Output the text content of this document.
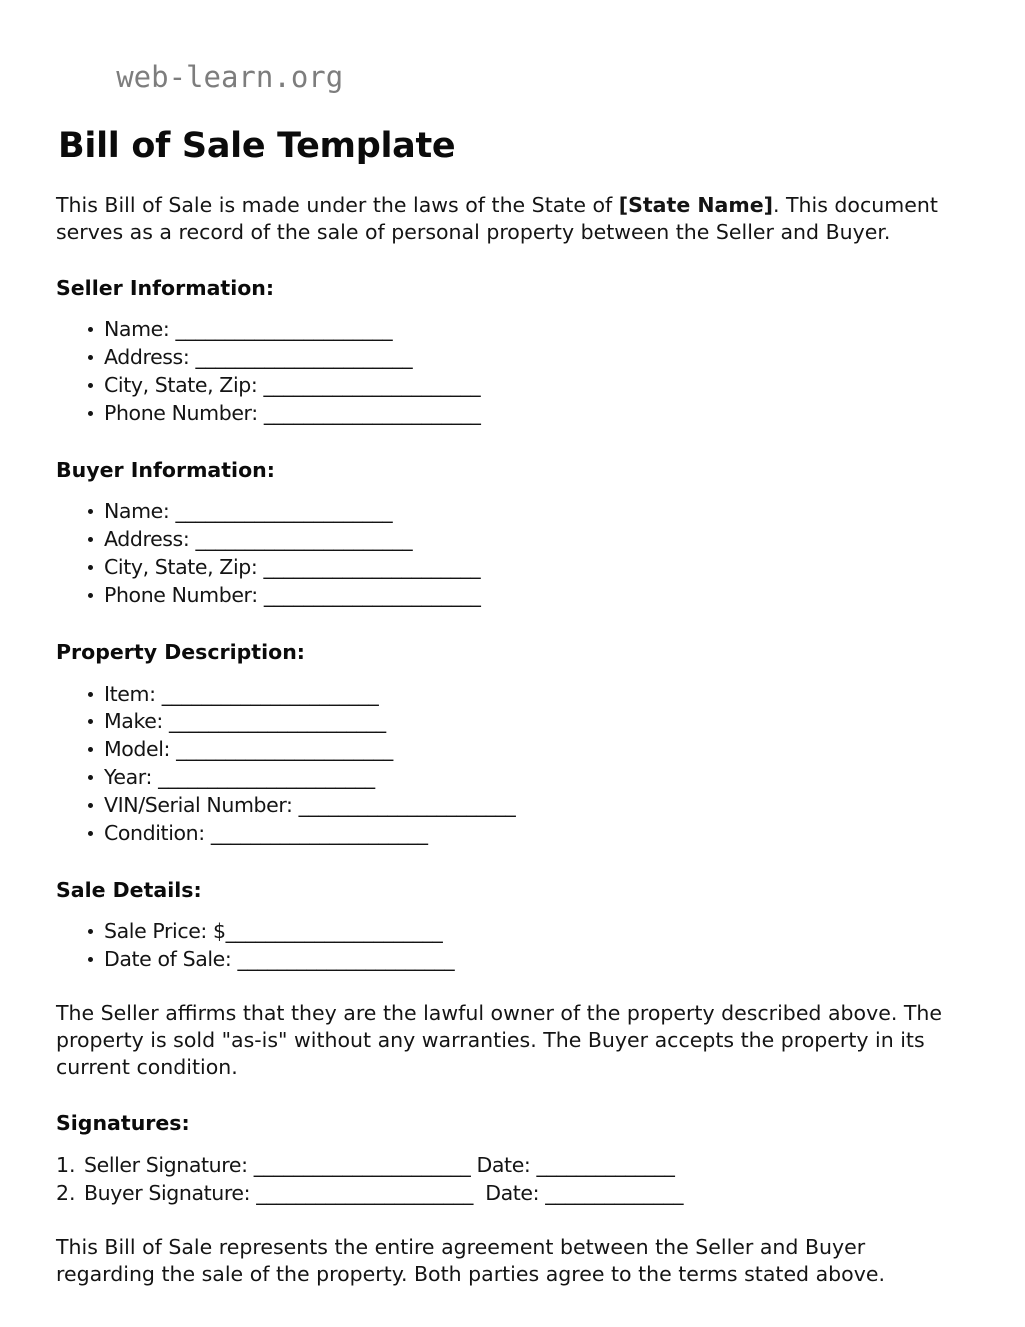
web-learn.org

Bill of Sale Template

This Bill of Sale is made under the laws of the State of [State Name]. This document serves as a record of the sale of personal property between the Seller and Buyer.

Seller Information:
Name: ______________________
Address: ______________________
City, State, Zip: ______________________
Phone Number: ______________________
Buyer Information:
Name: ______________________
Address: ______________________
City, State, Zip: ______________________
Phone Number: ______________________
Property Description:
Item: ______________________
Make: ______________________
Model: ______________________
Year: ______________________
VIN/Serial Number: ______________________
Condition: ______________________
Sale Details:
Sale Price: $______________________
Date of Sale: ______________________

The Seller affirms that they are the lawful owner of the property described above. The property is sold "as-is" without any warranties. The Buyer accepts the property in its current condition.

Signatures:
Seller Signature: ______________________ Date: ______________
Buyer Signature: ______________________  Date: ______________

This Bill of Sale represents the entire agreement between the Seller and Buyer regarding the sale of the property. Both parties agree to the terms stated above.
